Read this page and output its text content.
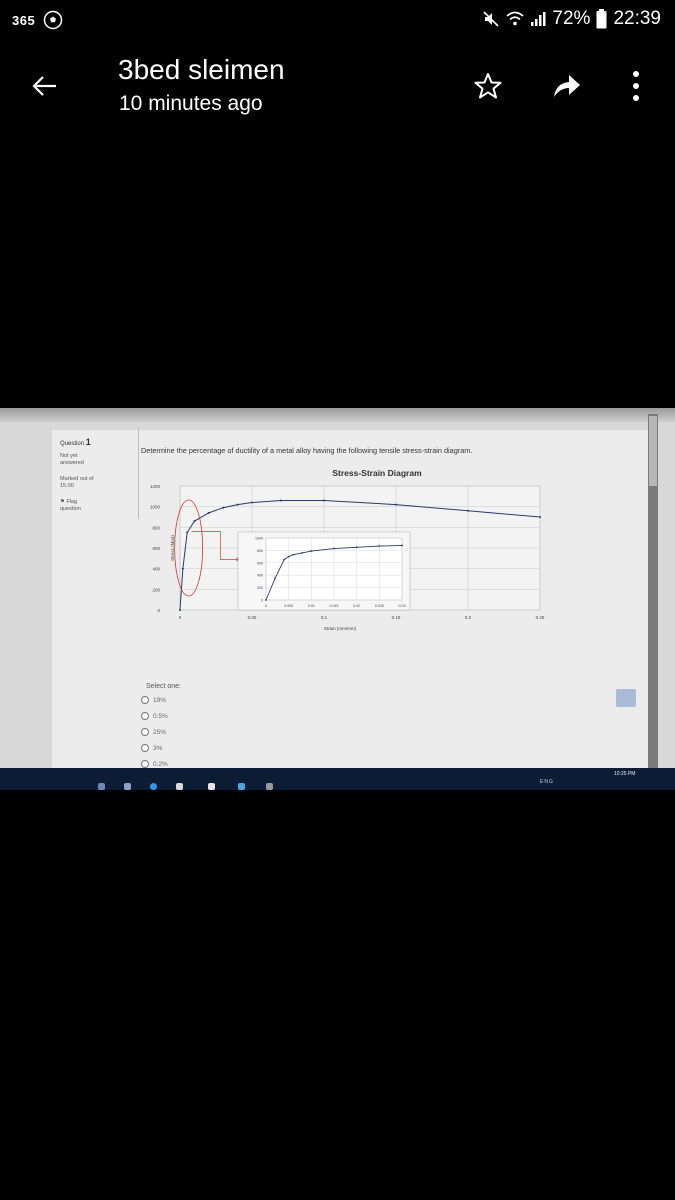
365	72% 22:39
3bed sleimen
10 minutes ago
Question 1
Not yet
answered
Marked out of
15.00
⚑ Flag
question
Determine the percentage of ductility of a metal alloy having the following tensile stress-strain diagram.
Stress-Strain Diagram
0
200
400
600
800
1000
1200
0	0.05	0.1	0.15	0.2	0.25
Strain (mm/mm)
Stress (Mpa)
0
200
400
600
800
1000
0	0.005	0.01	0.015	0.02	0.025	0.03
Select one:
19%
0.5%
25%
3%
0.2%
ENG
10:25 PM
